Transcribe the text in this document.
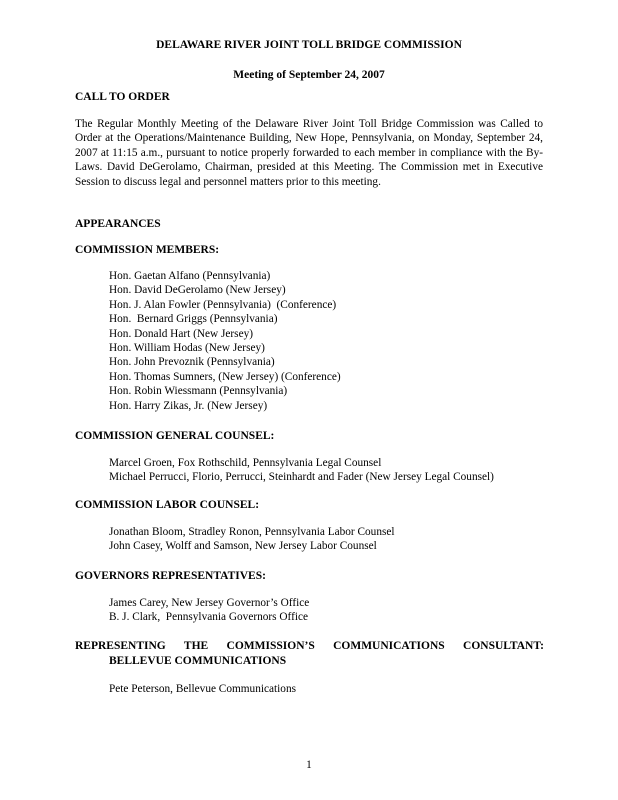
DELAWARE RIVER JOINT TOLL BRIDGE COMMISSION
Meeting of September 24, 2007
CALL TO ORDER

The Regular Monthly Meeting of the Delaware River Joint Toll Bridge Commission was Called to Order at the Operations/Maintenance Building, New Hope, Pennsylvania, on Monday, September 24, 2007 at 11:15 a.m., pursuant to notice properly forwarded to each member in compliance with the By-Laws. David DeGerolamo, Chairman, presided at this Meeting. The Commission met in Executive Session to discuss legal and personnel matters prior to this meeting.

APPEARANCES
COMMISSION MEMBERS:
Hon. Gaetan Alfano (Pennsylvania)
Hon. David DeGerolamo (New Jersey)
Hon. J. Alan Fowler (Pennsylvania)  (Conference)
Hon.  Bernard Griggs (Pennsylvania)
Hon. Donald Hart (New Jersey)
Hon. William Hodas (New Jersey)
Hon. John Prevoznik (Pennsylvania)
Hon. Thomas Sumners, (New Jersey) (Conference)
Hon. Robin Wiessmann (Pennsylvania)
Hon. Harry Zikas, Jr. (New Jersey)
COMMISSION GENERAL COUNSEL:
Marcel Groen, Fox Rothschild, Pennsylvania Legal Counsel
Michael Perrucci, Florio, Perrucci, Steinhardt and Fader (New Jersey Legal Counsel)
COMMISSION LABOR COUNSEL:
Jonathan Bloom, Stradley Ronon, Pennsylvania Labor Counsel
John Casey, Wolff and Samson, New Jersey Labor Counsel
GOVERNORS REPRESENTATIVES:
James Carey, New Jersey Governor’s Office
B. J. Clark,  Pennsylvania Governors Office
REPRESENTING THE COMMISSION’S COMMUNICATIONS CONSULTANT:
BELLEVUE COMMUNICATIONS
Pete Peterson, Bellevue Communications

1
